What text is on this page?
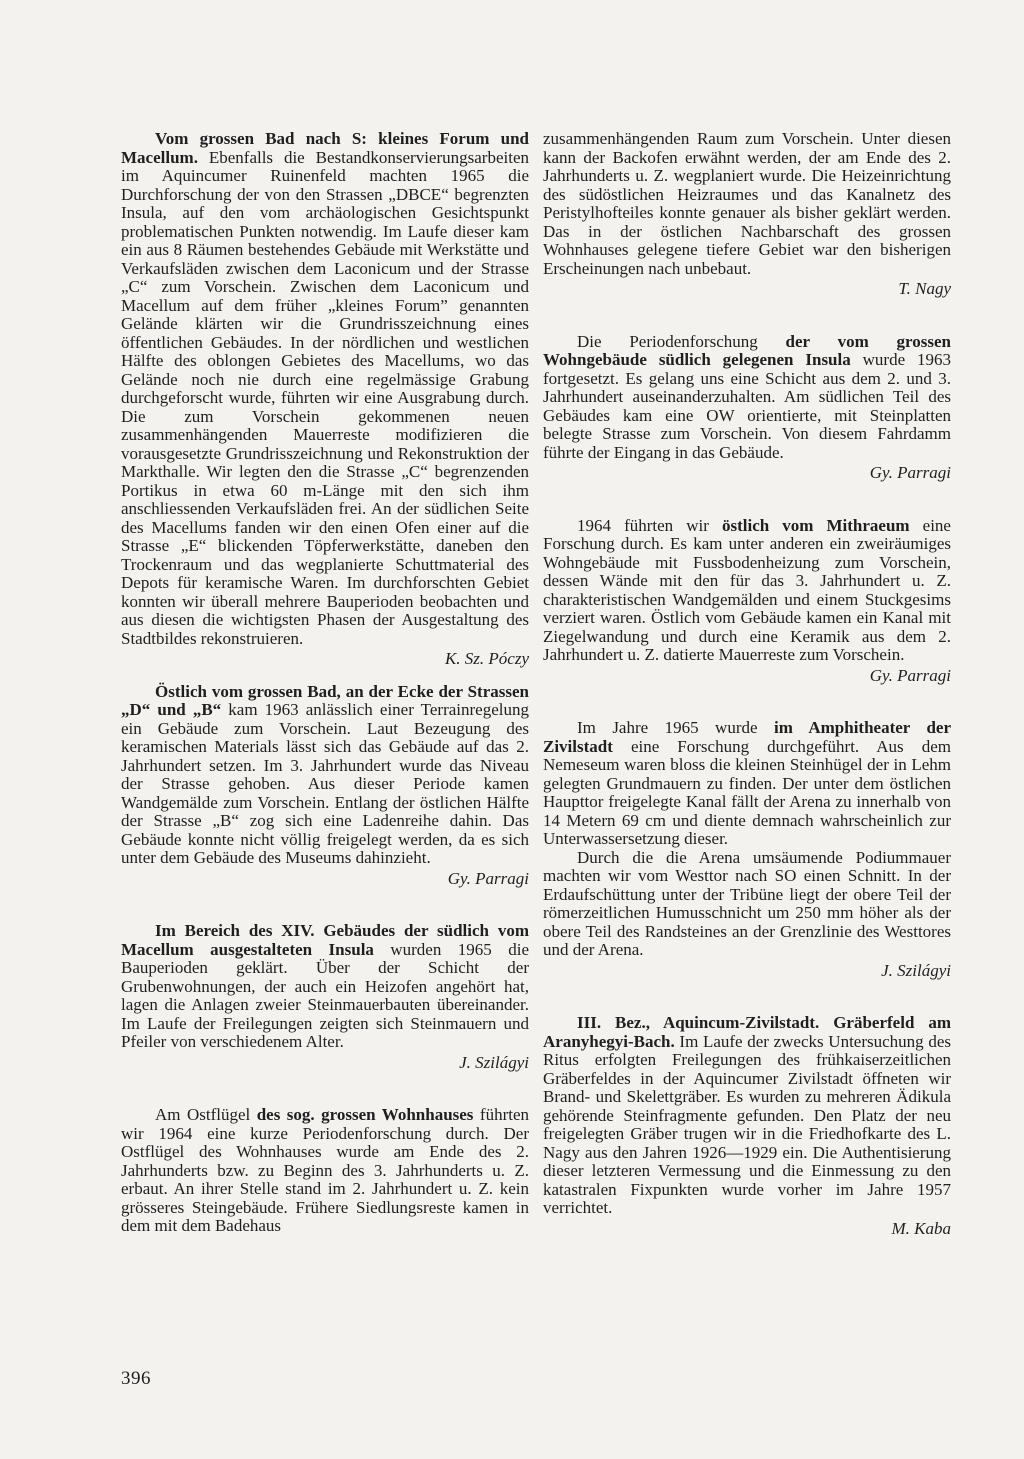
Vom grossen Bad nach S: kleines Forum und Macellum. Ebenfalls die Bestandkonservierungsarbeiten im Aquincumer Ruinenfeld machten 1965 die Durchforschung der von den Strassen „DBCE“ begrenzten Insula, auf den vom archäologischen Gesichtspunkt problematischen Punkten notwendig. Im Laufe dieser kam ein aus 8 Räumen bestehendes Gebäude mit Werkstätte und Verkaufsläden zwischen dem Laconicum und der Strasse „C“ zum Vorschein. Zwischen dem Laconicum und Macellum auf dem früher „kleines Forum” genannten Gelände klärten wir die Grundrisszeichnung eines öffentlichen Gebäudes. In der nördlichen und westlichen Hälfte des oblongen Gebietes des Macellums, wo das Gelände noch nie durch eine regelmässige Grabung durchgeforscht wurde, führten wir eine Ausgrabung durch. Die zum Vorschein gekommenen neuen zusammenhängenden Mauerreste modifizieren die vorausgesetzte Grundrisszeichnung und Rekonstruktion der Markthalle. Wir legten den die Strasse „C“ begrenzenden Portikus in etwa 60 m-Länge mit den sich ihm anschliessenden Verkaufsläden frei. An der südlichen Seite des Macellums fanden wir den einen Ofen einer auf die Strasse „E“ blickenden Töpferwerkstätte, daneben den Trockenraum und das wegplanierte Schuttmaterial des Depots für keramische Waren. Im durchforschten Gebiet konnten wir überall mehrere Bauperioden beobachten und aus diesen die wichtigsten Phasen der Ausgestaltung des Stadtbildes rekonstruieren.

K. Sz. Póczy

Östlich vom grossen Bad, an der Ecke der Strassen „D“ und „B“ kam 1963 anlässlich einer Terrainregelung ein Gebäude zum Vorschein. Laut Bezeugung des keramischen Materials lässt sich das Gebäude auf das 2. Jahrhundert setzen. Im 3. Jahrhundert wurde das Niveau der Strasse gehoben. Aus dieser Periode kamen Wandgemälde zum Vorschein. Entlang der östlichen Hälfte der Strasse „B“ zog sich eine Ladenreihe dahin. Das Gebäude konnte nicht völlig freigelegt werden, da es sich unter dem Gebäude des Museums dahinzieht.

Gy. Parragi

Im Bereich des XIV. Gebäudes der südlich vom Macellum ausgestalteten Insula wurden 1965 die Bauperioden geklärt. Über der Schicht der Grubenwohnungen, der auch ein Heizofen angehört hat, lagen die Anlagen zweier Steinmauerbauten übereinander. Im Laufe der Freilegungen zeigten sich Steinmauern und Pfeiler von verschiedenem Alter.

J. Szilágyi

Am Ostflügel des sog. grossen Wohnhauses führten wir 1964 eine kurze Periodenforschung durch. Der Ostflügel des Wohnhauses wurde am Ende des 2. Jahrhunderts bzw. zu Beginn des 3. Jahrhunderts u. Z. erbaut. An ihrer Stelle stand im 2. Jahrhundert u. Z. kein grösseres Steingebäude. Frühere Siedlungsreste kamen in dem mit dem Badehaus

zusammenhängenden Raum zum Vorschein. Unter diesen kann der Backofen erwähnt werden, der am Ende des 2. Jahrhunderts u. Z. wegplaniert wurde. Die Heizeinrichtung des südöstlichen Heizraumes und das Kanalnetz des Peristylhofteiles konnte genauer als bisher geklärt werden. Das in der östlichen Nachbarschaft des grossen Wohnhauses gelegene tiefere Gebiet war den bisherigen Erscheinungen nach unbebaut.

T. Nagy

Die Periodenforschung der vom grossen Wohngebäude südlich gelegenen Insula wurde 1963 fortgesetzt. Es gelang uns eine Schicht aus dem 2. und 3. Jahrhundert auseinanderzuhalten. Am südlichen Teil des Gebäudes kam eine OW orientierte, mit Steinplatten belegte Strasse zum Vorschein. Von diesem Fahrdamm führte der Eingang in das Gebäude.

Gy. Parragi

1964 führten wir östlich vom Mithraeum eine Forschung durch. Es kam unter anderen ein zweiräumiges Wohngebäude mit Fussbodenheizung zum Vorschein, dessen Wände mit den für das 3. Jahrhundert u. Z. charakteristischen Wandgemälden und einem Stuckgesims verziert waren. Östlich vom Gebäude kamen ein Kanal mit Ziegelwandung und durch eine Keramik aus dem 2. Jahrhundert u. Z. datierte Mauerreste zum Vorschein.

Gy. Parragi

Im Jahre 1965 wurde im Amphitheater der Zivilstadt eine Forschung durchgeführt. Aus dem Nemeseum waren bloss die kleinen Steinhügel der in Lehm gelegten Grundmauern zu finden. Der unter dem östlichen Haupttor freigelegte Kanal fällt der Arena zu innerhalb von 14 Metern 69 cm und diente demnach wahrscheinlich zur Unterwassersetzung dieser.

Durch die die Arena umsäumende Podiummauer machten wir vom Westtor nach SO einen Schnitt. In der Erdaufschüttung unter der Tribüne liegt der obere Teil der römerzeitlichen Humusschnicht um 250 mm höher als der obere Teil des Randsteines an der Grenzlinie des Westtores und der Arena.

J. Szilágyi

III. Bez., Aquincum-Zivilstadt. Gräberfeld am Aranyhegyi-Bach. Im Laufe der zwecks Untersuchung des Ritus erfolgten Freilegungen des frühkaiserzeitlichen Gräberfeldes in der Aquincumer Zivilstadt öffneten wir Brand- und Skelettgräber. Es wurden zu mehreren Ädikula gehörende Steinfragmente gefunden. Den Platz der neu freigelegten Gräber trugen wir in die Friedhofkarte des L. Nagy aus den Jahren 1926—1929 ein. Die Authentisierung dieser letzteren Vermessung und die Einmessung zu den katastralen Fixpunkten wurde vorher im Jahre 1957 verrichtet.

M. Kaba
396
